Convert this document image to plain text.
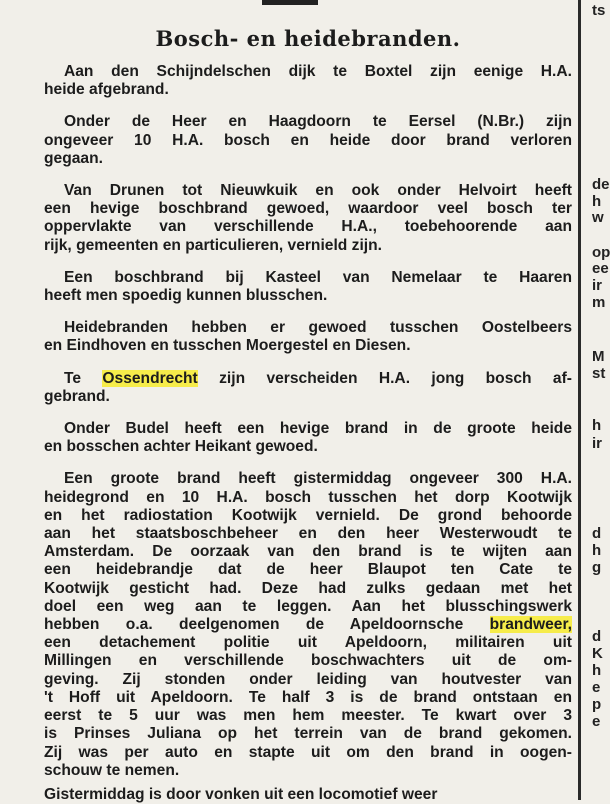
Bosch- en heidebranden.
Aan den Schijndelschen dijk te Boxtel zijn eenige H.A.
heide afgebrand.
Onder de Heer en Haagdoorn te Eersel (N.Br.) zijn
ongeveer 10 H.A. bosch en heide door brand verloren
gegaan.
Van Drunen tot Nieuwkuik en ook onder Helvoirt heeft
een hevige boschbrand gewoed, waardoor veel bosch ter
oppervlakte van verschillende H.A., toebehoorende aan
rijk, gemeenten en particulieren, vernield zijn.
Een boschbrand bij Kasteel van Nemelaar te Haaren
heeft men spoedig kunnen blusschen.
Heidebranden hebben er gewoed tusschen Oostelbeers
en Eindhoven en tusschen Moergestel en Diesen.
Te Ossendrecht zijn verscheiden H.A. jong bosch af-
gebrand.
Onder Budel heeft een hevige brand in de groote heide
en bosschen achter Heikant gewoed.
Een groote brand heeft gistermiddag ongeveer 300 H.A.
heidegrond en 10 H.A. bosch tusschen het dorp Kootwijk
en het radiostation Kootwijk vernield. De grond behoorde
aan het staatsboschbeheer en den heer Westerwoudt te
Amsterdam. De oorzaak van den brand is te wijten aan
een heidebrandje dat de heer Blaupot ten Cate te
Kootwijk gesticht had. Deze had zulks gedaan met het
doel een weg aan te leggen. Aan het blusschingswerk
hebben o.a. deelgenomen de Apeldoornsche brandweer,
een detachement politie uit Apeldoorn, militairen uit
Millingen en verschillende boschwachters uit de om-
geving. Zij stonden onder leiding van houtvester van
't Hoff uit Apeldoorn. Te half 3 is de brand ontstaan en
eerst te 5 uur was men hem meester. Te kwart over 3
is Prinses Juliana op het terrein van de brand gekomen.
Zij was per auto en stapte uit om den brand in oogen-
schouw te nemen.
Gistermiddag is door vonken uit een locomotief weer
ts
de
h
w
op
ee
ir
m
M
st
h
ir
d
h
g
d
K
h
e
p
e
